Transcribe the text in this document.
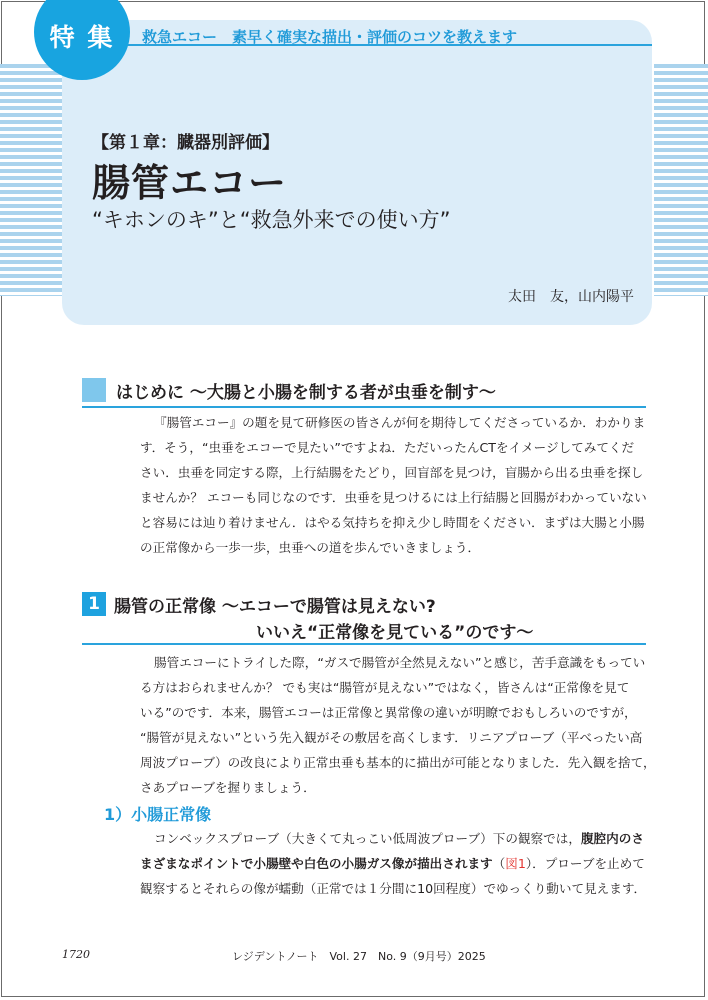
特 集	救急エコー　素早く確実な描出・評価のコツを教えます
【第１章：臓器別評価】
腸管エコー
“キホンのキ”と“救急外来での使い方”
太田　友，山内陽平
はじめに ～大腸と小腸を制する者が虫垂を制す～

『腸管エコー』の題を見て研修医の皆さんが何を期待してくださっているか．わかりま

す．そう，“虫垂をエコーで見たい”ですよね．ただいったんCTをイメージしてみてくだ

さい．虫垂を同定する際，上行結腸をたどり，回盲部を見つけ，盲腸から出る虫垂を探し

ませんか？ エコーも同じなのです．虫垂を見つけるには上行結腸と回腸がわかっていない

と容易には辿り着けません．はやる気持ちを抑え少し時間をください．まずは大腸と小腸

の正常像から一歩一歩，虫垂への道を歩んでいきましょう．

1 腸管の正常像 ～エコーで腸管は見えない?
いいえ“正常像を見ている”のです～

腸管エコーにトライした際，“ガスで腸管が全然見えない”と感じ，苦手意識をもってい

る方はおられませんか？ でも実は“腸管が見えない”ではなく，皆さんは“正常像を見て

いる”のです．本来，腸管エコーは正常像と異常像の違いが明瞭でおもしろいのですが，

“腸管が見えない”という先入観がその敷居を高くします．リニアプローブ（平べったい高

周波プローブ）の改良により正常虫垂も基本的に描出が可能となりました．先入観を捨て，

さあプローブを握りましょう．

1）小腸正常像

コンベックスプローブ（大きくて丸っこい低周波プローブ）下の観察では，腹腔内のさ

まざまなポイントで小腸壁や白色の小腸ガス像が描出されます（図1）．プローブを止めて

観察するとそれらの像が蠕動（正常では１分間に10回程度）でゆっくり動いて見えます．

1720	レジデントノート　Vol. 27　No. 9（9月号）2025
